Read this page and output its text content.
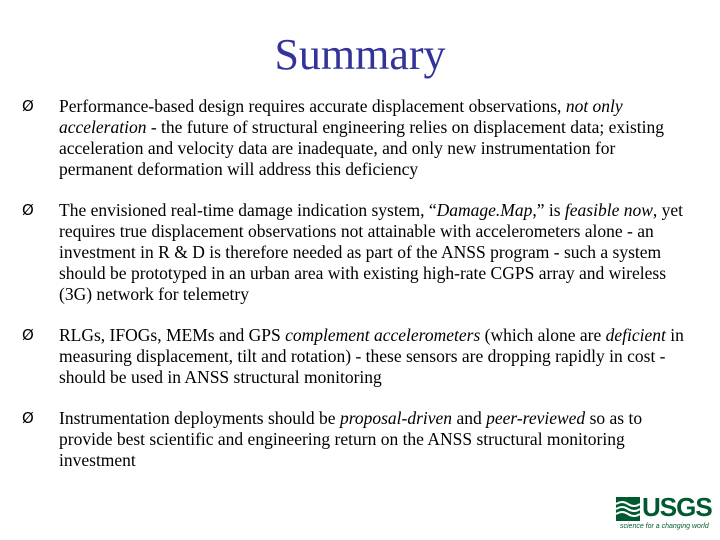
Summary
Ø Performance-based design requires accurate displacement observations, not only acceleration - the future of structural engineering relies on displacement data; existing acceleration and velocity data are inadequate, and only new instrumentation for permanent deformation will address this deficiency
Ø The envisioned real-time damage indication system, “Damage.Map,” is feasible now, yet requires true displacement observations not attainable with accelerometers alone - an investment in R & D is therefore needed as part of the ANSS program - such a system should be prototyped in an urban area with existing high-rate CGPS array and wireless (3G) network for telemetry
Ø RLGs, IFOGs, MEMs and GPS complement accelerometers (which alone are deficient in measuring displacement, tilt and rotation) - these sensors are dropping rapidly in cost - should be used in ANSS structural monitoring
Ø Instrumentation deployments should be proposal-driven and peer-reviewed so as to provide best scientific and engineering return on the ANSS structural monitoring investment
USGS
science for a changing world
